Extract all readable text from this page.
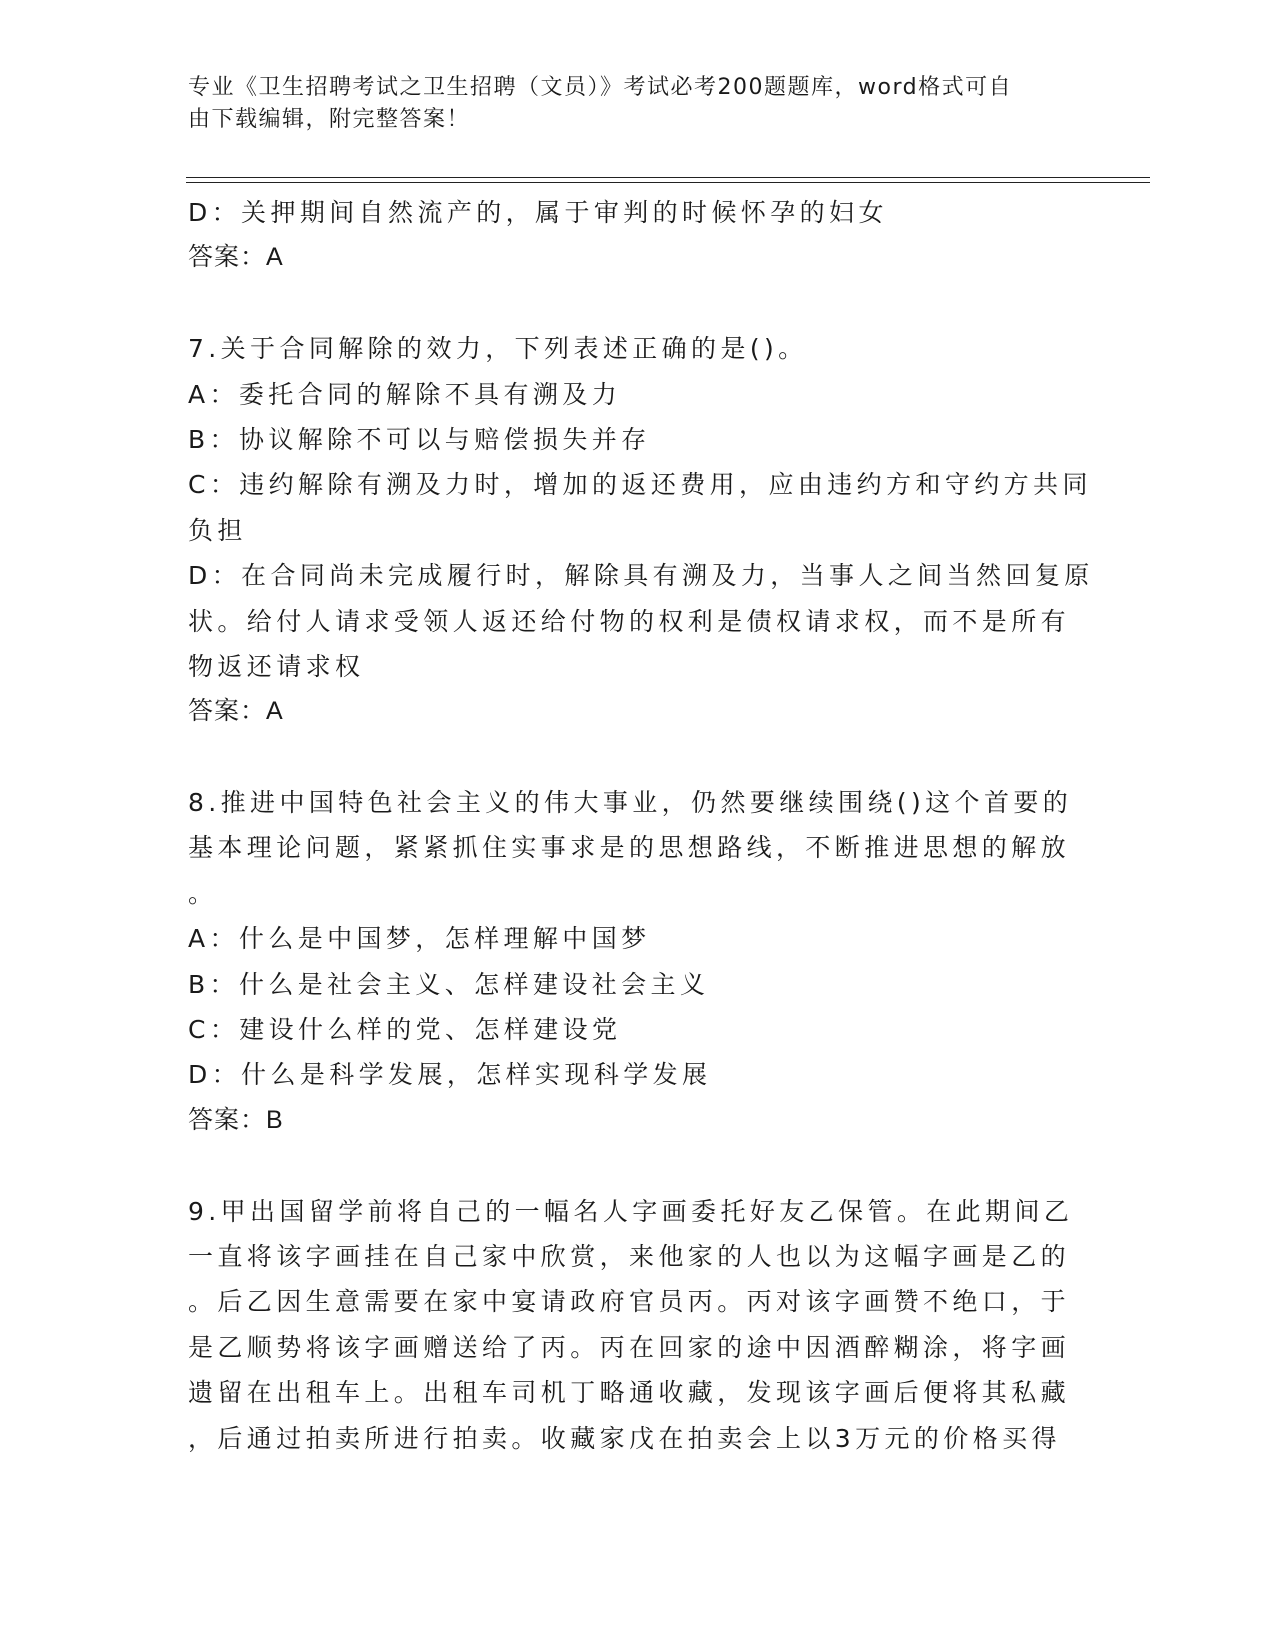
专业《卫生招聘考试之卫生招聘（文员）》考试必考200题题库，word格式可自
由下载编辑，附完整答案！
D：关押期间自然流产的，属于审判的时候怀孕的妇女
答案：A
7.关于合同解除的效力，下列表述正确的是()。
A：委托合同的解除不具有溯及力
B：协议解除不可以与赔偿损失并存
C：违约解除有溯及力时，增加的返还费用，应由违约方和守约方共同
负担
D：在合同尚未完成履行时，解除具有溯及力，当事人之间当然回复原
状。给付人请求受领人返还给付物的权利是债权请求权，而不是所有
物返还请求权
答案：A
8.推进中国特色社会主义的伟大事业，仍然要继续围绕()这个首要的
基本理论问题，紧紧抓住实事求是的思想路线，不断推进思想的解放
。
A：什么是中国梦，怎样理解中国梦
B：什么是社会主义、怎样建设社会主义
C：建设什么样的党、怎样建设党
D：什么是科学发展，怎样实现科学发展
答案：B
9.甲出国留学前将自己的一幅名人字画委托好友乙保管。在此期间乙
一直将该字画挂在自己家中欣赏，来他家的人也以为这幅字画是乙的
。后乙因生意需要在家中宴请政府官员丙。丙对该字画赞不绝口，于
是乙顺势将该字画赠送给了丙。丙在回家的途中因酒醉糊涂，将字画
遗留在出租车上。出租车司机丁略通收藏，发现该字画后便将其私藏
，后通过拍卖所进行拍卖。收藏家戊在拍卖会上以3万元的价格买得
